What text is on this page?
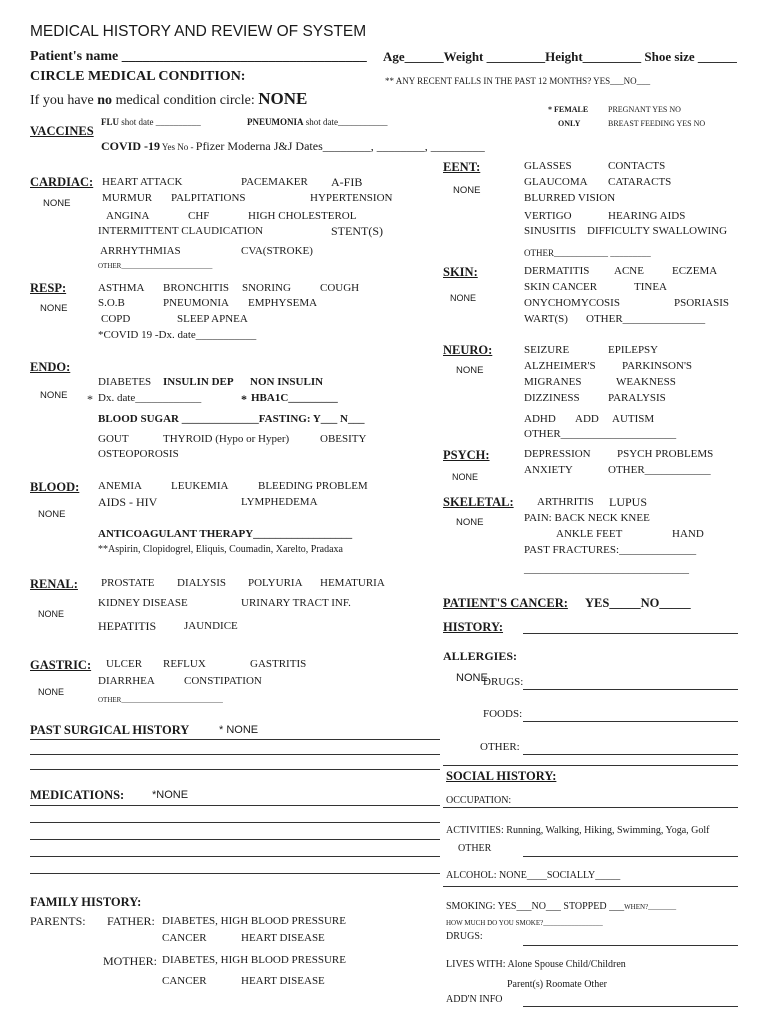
MEDICAL HISTORY AND REVIEW OF SYSTEM
Patient's name ___________________________________ Age______Weight _________Height_________ Shoe size ______
CIRCLE MEDICAL CONDITION:	** ANY RECENT FALLS IN THE PAST 12 MONTHS? YES___NO___
If you have no medical condition circle: NONE
* FEMALE
ONLY
PREGNANT YES NO
BREAST FEEDING YES NO
VACCINES
FLU shot date __________	PNEUMONIA shot date___________
COVID -19 Yes No - Pfizer Moderna J&J Dates________, ________, _________
CARDIAC:
NONE
HEART ATTACK	PACEMAKER A-FIB
MURMUR PALPITATIONS	HYPERTENSION
ANGINA	CHF	HIGH CHOLESTEROL
INTERMITTENT CLAUDICATION	STENT(S)
ARRHYTHMIAS	CVA(STROKE)
OTHER__________________________
RESP:
NONE
ASTHMA BRONCHITIS SNORING	COUGH
S.O.B	PNEUMONIA EMPHYSEMA
COPD	SLEEP APNEA
*COVID 19 -Dx. date___________
ENDO:
NONE
DIABETES INSULIN DEP NON INSULIN
* Dx. date____________	* HBA1C_________
BLOOD SUGAR ______________FASTING: Y___ N___
GOUT	THYROID (Hypo or Hyper)	OBESITY
OSTEOPOROSIS
BLOOD:
NONE
ANEMIA	LEUKEMIA	BLEEDING PROBLEM
AIDS - HIV	LYMPHEDEMA
ANTICOAGULANT THERAPY__________________
**Aspirin, Clopidogrel, Eliquis, Coumadin, Xarelto, Pradaxa
RENAL:
NONE
PROSTATE DIALYSIS POLYURIA HEMATURIA
KIDNEY DISEASE	URINARY TRACT INF.
HEPATITIS	JAUNDICE
GASTRIC:
NONE
ULCER REFLUX	GASTRITIS
DIARRHEA	CONSTIPATION
OTHER_____________________________
PAST SURGICAL HISTORY	* NONE
MEDICATIONS:	*NONE
FAMILY HISTORY:
PARENTS: FATHER: DIABETES, HIGH BLOOD PRESSURE
CANCER	HEART DISEASE
MOTHER: DIABETES, HIGH BLOOD PRESSURE
CANCER	HEART DISEASE
EENT:
NONE
GLASSES	CONTACTS
GLAUCOMA CATARACTS
BLURRED VISION
VERTIGO	HEARING AIDS
SINUSITIS DIFFICULTY SWALLOWING
OTHER____________ _________
SKIN:
NONE
DERMATITIS ACNE	ECZEMA
SKIN CANCER	TINEA
ONYCHOMYCOSIS	PSORIASIS
WART(S) OTHER_______________
NEURO:
NONE
SEIZURE	EPILEPSY
ALZHEIMER'S PARKINSON'S
MIGRANES	WEAKNESS
DIZZINESS	PARALYSIS
ADHD ADD AUTISM
OTHER_____________________
PSYCH:
NONE
DEPRESSION PSYCH PROBLEMS
ANXIETY	OTHER____________
SKELETAL:
NONE
ARTHRITIS LUPUS
PAIN: BACK NECK KNEE
ANKLE FEET	HAND
PAST FRACTURES:______________
______________________________
PATIENT'S CANCER: YES_____NO_____
HISTORY:
ALLERGIES:
NONE
DRUGS:
FOODS:
OTHER:
SOCIAL HISTORY:
OCCUPATION:
ACTIVITIES: Running, Walking, Hiking, Swimming, Yoga, Golf
OTHER
ALCOHOL: NONE____SOCIALLY_____
SMOKING: YES___NO___ STOPPED ___WHEN?________
HOW MUCH DO YOU SMOKE?_________________
DRUGS:
LIVES WITH: Alone Spouse Child/Children
Parent(s) Roomate Other
ADD'N INFO
